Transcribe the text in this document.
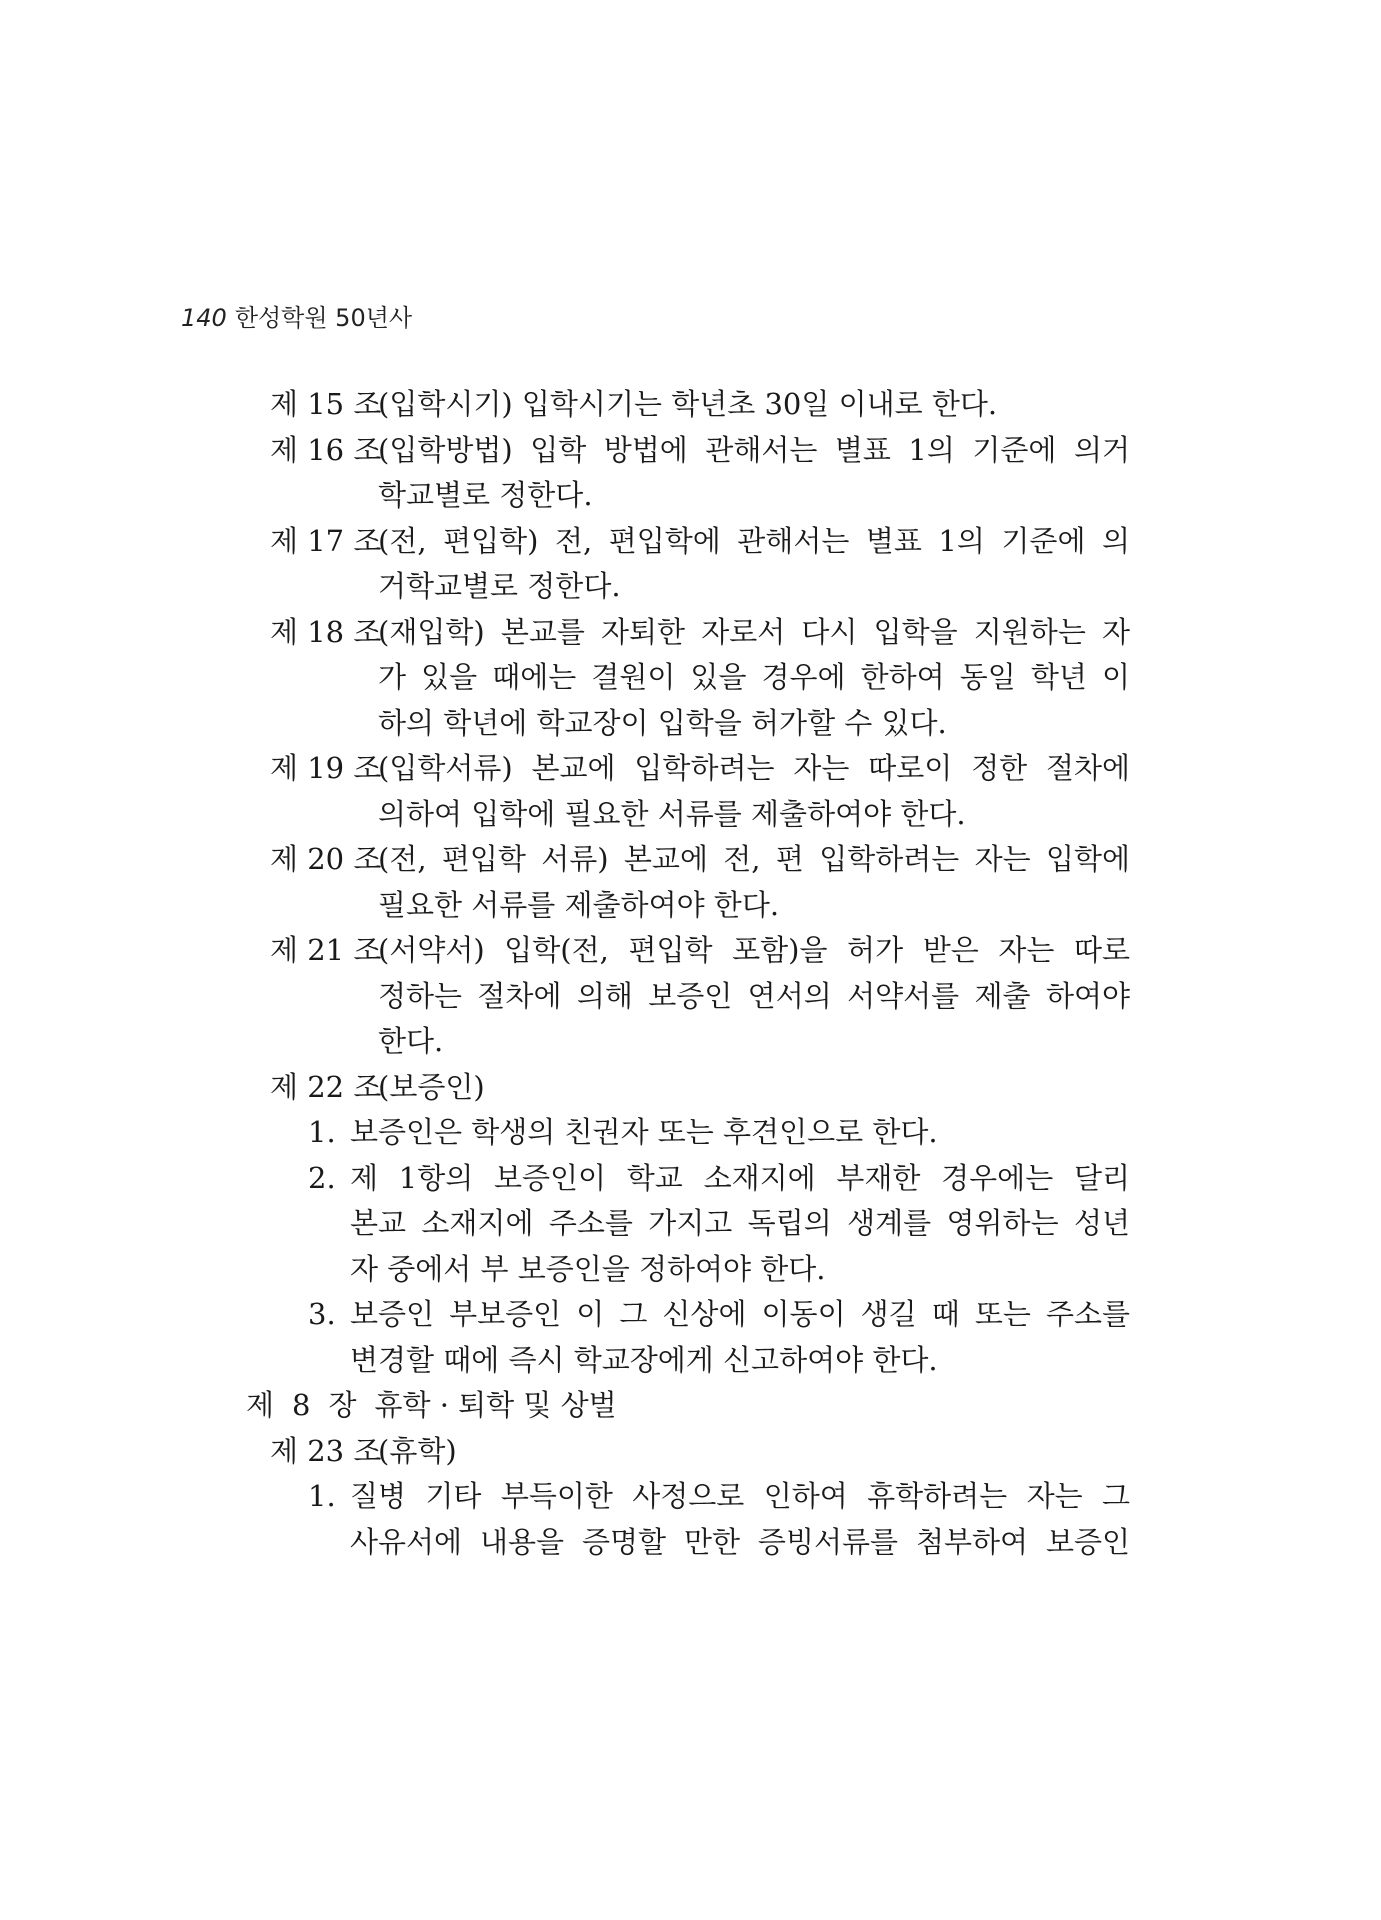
140 한성학원 50년사
제 15 조
(입학시기) 입학시기는 학년초 30일 이내로 한다.
제 16 조
(입학방법) 입학 방법에 관해서는 별표 1의 기준에 의거
학교별로 정한다.
제 17 조
(전, 편입학) 전, 편입학에 관해서는 별표 1의 기준에 의
거학교별로 정한다.
제 18 조
(재입학) 본교를 자퇴한 자로서 다시 입학을 지원하는 자
가 있을 때에는 결원이 있을 경우에 한하여 동일 학년 이
하의 학년에 학교장이 입학을 허가할 수 있다.
제 19 조
(입학서류) 본교에 입학하려는 자는 따로이 정한 절차에
의하여 입학에 필요한 서류를 제출하여야 한다.
제 20 조
(전, 편입학 서류) 본교에 전, 편 입학하려는 자는 입학에
필요한 서류를 제출하여야 한다.
제 21 조
(서약서) 입학(전, 편입학 포함)을 허가 받은 자는 따로
정하는 절차에 의해 보증인 연서의 서약서를 제출 하여야
한다.
제 22 조
(보증인)
1. 보증인은 학생의 친권자 또는 후견인으로 한다.
2. 제 1항의 보증인이 학교 소재지에 부재한 경우에는 달리
본교 소재지에 주소를 가지고 독립의 생계를 영위하는 성년
자 중에서 부 보증인을 정하여야 한다.
3. 보증인 부보증인 이 그 신상에 이동이 생길 때 또는 주소를
변경할 때에 즉시 학교장에게 신고하여야 한다.
제 8 장 휴학 · 퇴학 및 상벌
제 23 조
(휴학)
1. 질병 기타 부득이한 사정으로 인하여 휴학하려는 자는 그
사유서에 내용을 증명할 만한 증빙서류를 첨부하여 보증인
